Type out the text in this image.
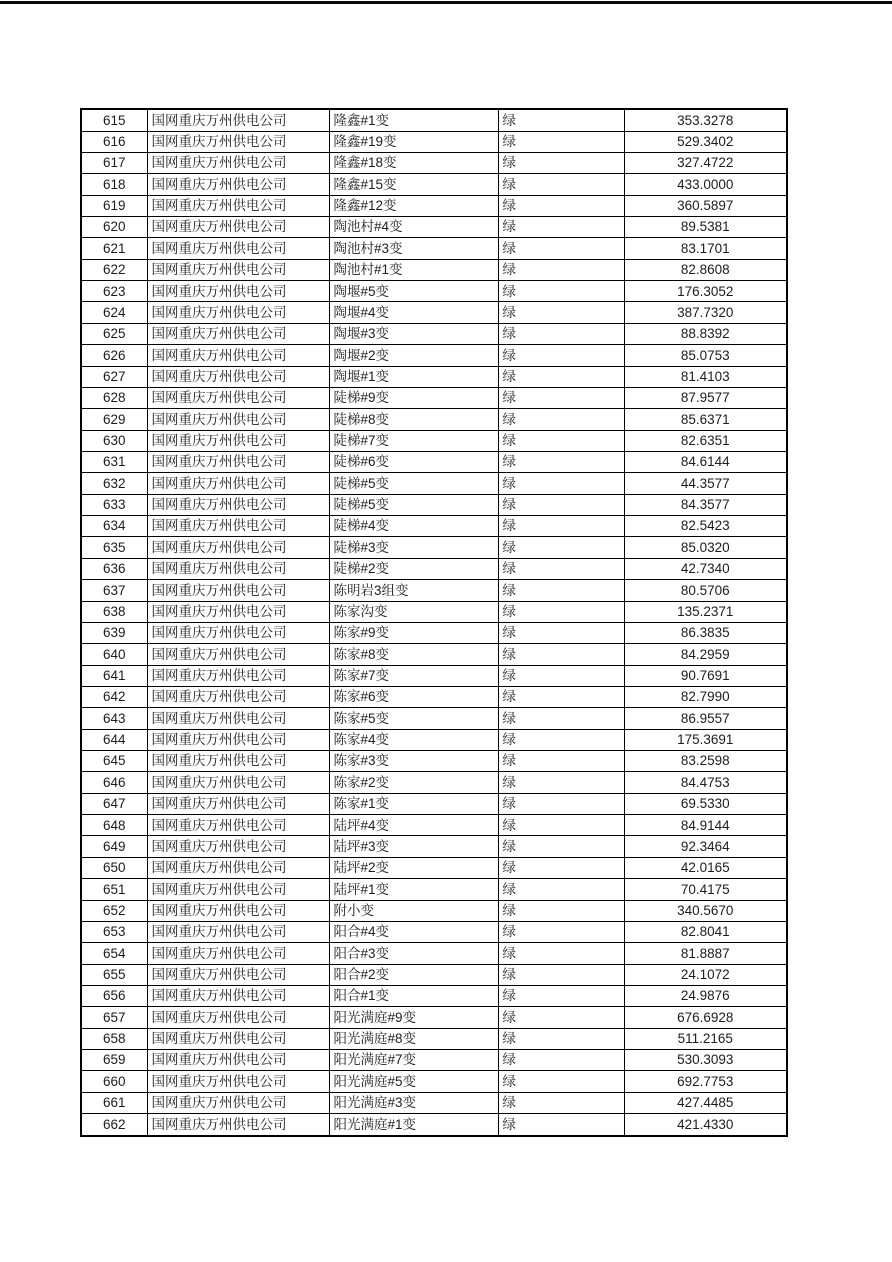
615	国网重庆万州供电公司	隆鑫#1变	绿	353.3278
616	国网重庆万州供电公司	隆鑫#19变	绿	529.3402
617	国网重庆万州供电公司	隆鑫#18变	绿	327.4722
618	国网重庆万州供电公司	隆鑫#15变	绿	433.0000
619	国网重庆万州供电公司	隆鑫#12变	绿	360.5897
620	国网重庆万州供电公司	陶池村#4变	绿	89.5381
621	国网重庆万州供电公司	陶池村#3变	绿	83.1701
622	国网重庆万州供电公司	陶池村#1变	绿	82.8608
623	国网重庆万州供电公司	陶堰#5变	绿	176.3052
624	国网重庆万州供电公司	陶堰#4变	绿	387.7320
625	国网重庆万州供电公司	陶堰#3变	绿	88.8392
626	国网重庆万州供电公司	陶堰#2变	绿	85.0753
627	国网重庆万州供电公司	陶堰#1变	绿	81.4103
628	国网重庆万州供电公司	陡梯#9变	绿	87.9577
629	国网重庆万州供电公司	陡梯#8变	绿	85.6371
630	国网重庆万州供电公司	陡梯#7变	绿	82.6351
631	国网重庆万州供电公司	陡梯#6变	绿	84.6144
632	国网重庆万州供电公司	陡梯#5变	绿	44.3577
633	国网重庆万州供电公司	陡梯#5变	绿	84.3577
634	国网重庆万州供电公司	陡梯#4变	绿	82.5423
635	国网重庆万州供电公司	陡梯#3变	绿	85.0320
636	国网重庆万州供电公司	陡梯#2变	绿	42.7340
637	国网重庆万州供电公司	陈明岩3组变	绿	80.5706
638	国网重庆万州供电公司	陈家沟变	绿	135.2371
639	国网重庆万州供电公司	陈家#9变	绿	86.3835
640	国网重庆万州供电公司	陈家#8变	绿	84.2959
641	国网重庆万州供电公司	陈家#7变	绿	90.7691
642	国网重庆万州供电公司	陈家#6变	绿	82.7990
643	国网重庆万州供电公司	陈家#5变	绿	86.9557
644	国网重庆万州供电公司	陈家#4变	绿	175.3691
645	国网重庆万州供电公司	陈家#3变	绿	83.2598
646	国网重庆万州供电公司	陈家#2变	绿	84.4753
647	国网重庆万州供电公司	陈家#1变	绿	69.5330
648	国网重庆万州供电公司	陆坪#4变	绿	84.9144
649	国网重庆万州供电公司	陆坪#3变	绿	92.3464
650	国网重庆万州供电公司	陆坪#2变	绿	42.0165
651	国网重庆万州供电公司	陆坪#1变	绿	70.4175
652	国网重庆万州供电公司	附小变	绿	340.5670
653	国网重庆万州供电公司	阳合#4变	绿	82.8041
654	国网重庆万州供电公司	阳合#3变	绿	81.8887
655	国网重庆万州供电公司	阳合#2变	绿	24.1072
656	国网重庆万州供电公司	阳合#1变	绿	24.9876
657	国网重庆万州供电公司	阳光满庭#9变	绿	676.6928
658	国网重庆万州供电公司	阳光满庭#8变	绿	511.2165
659	国网重庆万州供电公司	阳光满庭#7变	绿	530.3093
660	国网重庆万州供电公司	阳光满庭#5变	绿	692.7753
661	国网重庆万州供电公司	阳光满庭#3变	绿	427.4485
662	国网重庆万州供电公司	阳光满庭#1变	绿	421.4330
